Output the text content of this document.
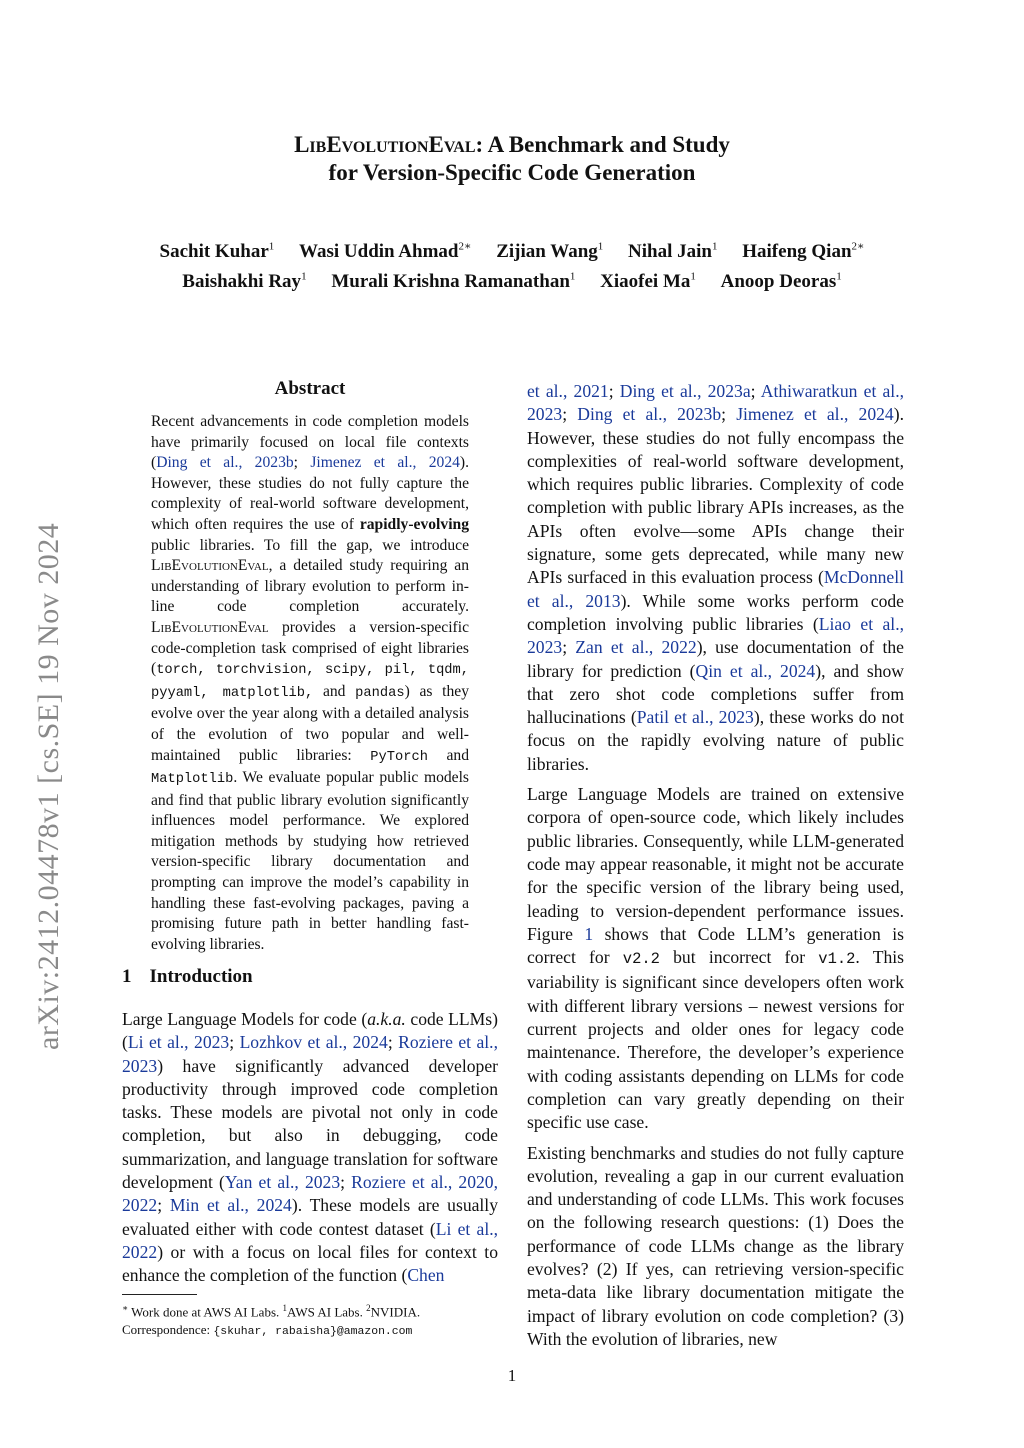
LibEvolutionEval: A Benchmark and Study
for Version-Specific Code Generation
Sachit Kuhar$^1$ Wasi Uddin Ahmad$^{2∗}$ Zijian Wang$^1$ Nihal Jain$^1$ Haifeng Qian$^{2∗}$
Baishakhi Ray$^1$ Murali Krishna Ramanathan$^1$ Xiaofei Ma$^1$ Anoop Deoras$^1$
arXiv:2412.04478v1 [cs.SE] 19 Nov 2024
Abstract
Recent advancements in code completion models have primarily focused on local file contexts (Ding et al., 2023b; Jimenez et al., 2024). However, these studies do not fully capture the complexity of real-world software development, which often requires the use of rapidly-evolving public libraries. To fill the gap, we introduce LibEvolutionEval, a detailed study requiring an understanding of library evolution to perform in-line code completion accurately. LibEvolutionEval provides a version-specific code-completion task comprised of eight libraries (torch, torchvision, scipy, pil, tqdm, pyyaml, matplotlib, and pandas) as they evolve over the year along with a detailed analysis of the evolution of two popular and well-maintained public libraries: PyTorch and Matplotlib. We evaluate popular public models and find that public library evolution significantly influences model performance. We explored mitigation methods by studying how retrieved version-specific library documentation and prompting can improve the model’s capability in handling these fast-evolving packages, paving a promising future path in better handling fast-evolving libraries.
1 Introduction
Large Language Models for code (a.k.a. code LLMs) (Li et al., 2023; Lozhkov et al., 2024; Roziere et al., 2023) have significantly advanced developer productivity through improved code completion tasks. These models are pivotal not only in code completion, but also in debugging, code summarization, and language translation for software development (Yan et al., 2023; Roziere et al., 2020, 2022; Min et al., 2024). These models are usually evaluated either with code contest dataset (Li et al., 2022) or with a focus on local files for context to enhance the completion of the function (Chen
∗ Work done at AWS AI Labs. $^1$AWS AI Labs. $^2$NVIDIA.
Correspondence: {skuhar, rabaisha}@amazon.com

et al., 2021; Ding et al., 2023a; Athiwaratkun et al., 2023; Ding et al., 2023b; Jimenez et al., 2024). However, these studies do not fully encompass the complexities of real-world software development, which requires public libraries. Complexity of code completion with public library APIs increases, as the APIs often evolve—some APIs change their signature, some gets deprecated, while many new APIs surfaced in this evaluation process (McDonnell et al., 2013). While some works perform code completion involving public libraries (Liao et al., 2023; Zan et al., 2022), use documentation of the library for prediction (Qin et al., 2024), and show that zero shot code completions suffer from hallucinations (Patil et al., 2023), these works do not focus on the rapidly evolving nature of public libraries.

Large Language Models are trained on extensive corpora of open-source code, which likely includes public libraries. Consequently, while LLM-generated code may appear reasonable, it might not be accurate for the specific version of the library being used, leading to version-dependent performance issues. Figure 1 shows that Code LLM’s generation is correct for v2.2 but incorrect for v1.2. This variability is significant since developers often work with different library versions – newest versions for current projects and older ones for legacy code maintenance. Therefore, the developer’s experience with coding assistants depending on LLMs for code completion can vary greatly depending on their specific use case.

Existing benchmarks and studies do not fully capture evolution, revealing a gap in our current evaluation and understanding of code LLMs. This work focuses on the following research questions: (1) Does the performance of code LLMs change as the library evolves? (2) If yes, can retrieving version-specific meta-data like library documentation mitigate the impact of library evolution on code completion? (3) With the evolution of libraries, new

1
